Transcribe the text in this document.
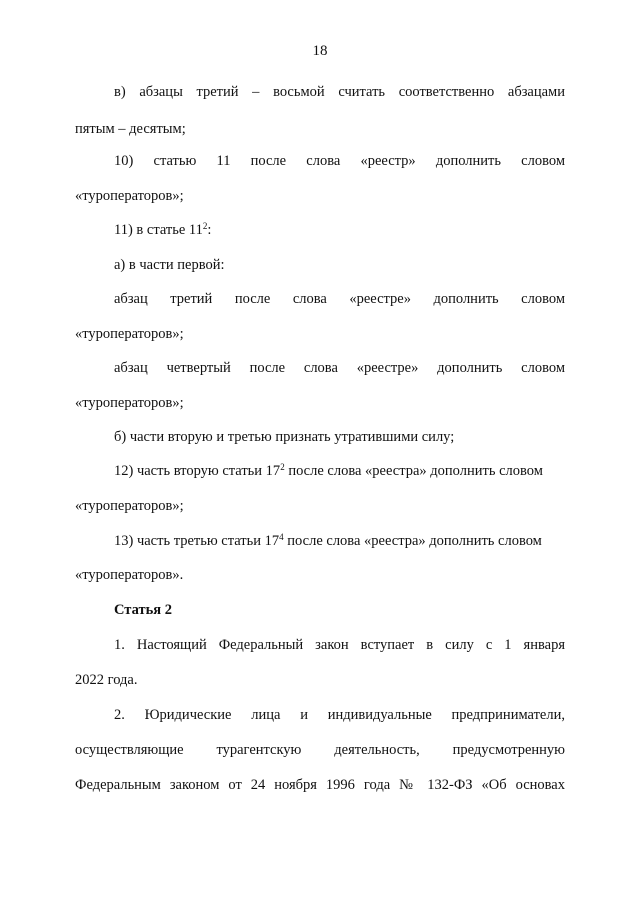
18
в) абзацы третий – восьмой считать соответственно абзацами
пятым – десятым;
10) статью 11 после слова «реестр» дополнить словом
«туроператоров»;
11) в статье $11^2$:
а) в части первой:
абзац третий после слова «реестре» дополнить словом
«туроператоров»;
абзац четвертый после слова «реестре» дополнить словом
«туроператоров»;
б) части вторую и третью признать утратившими силу;
12) часть вторую статьи $17^2$ после слова «реестра» дополнить словом
«туроператоров»;
13) часть третью статьи $17^4$ после слова «реестра» дополнить словом
«туроператоров».
Статья 2
1. Настоящий Федеральный закон вступает в силу с 1 января
2022 года.
2. Юридические лица и индивидуальные предприниматели,
осуществляющие турагентскую деятельность, предусмотренную
Федеральным законом от 24 ноября 1996 года № 132-ФЗ «Об основах
